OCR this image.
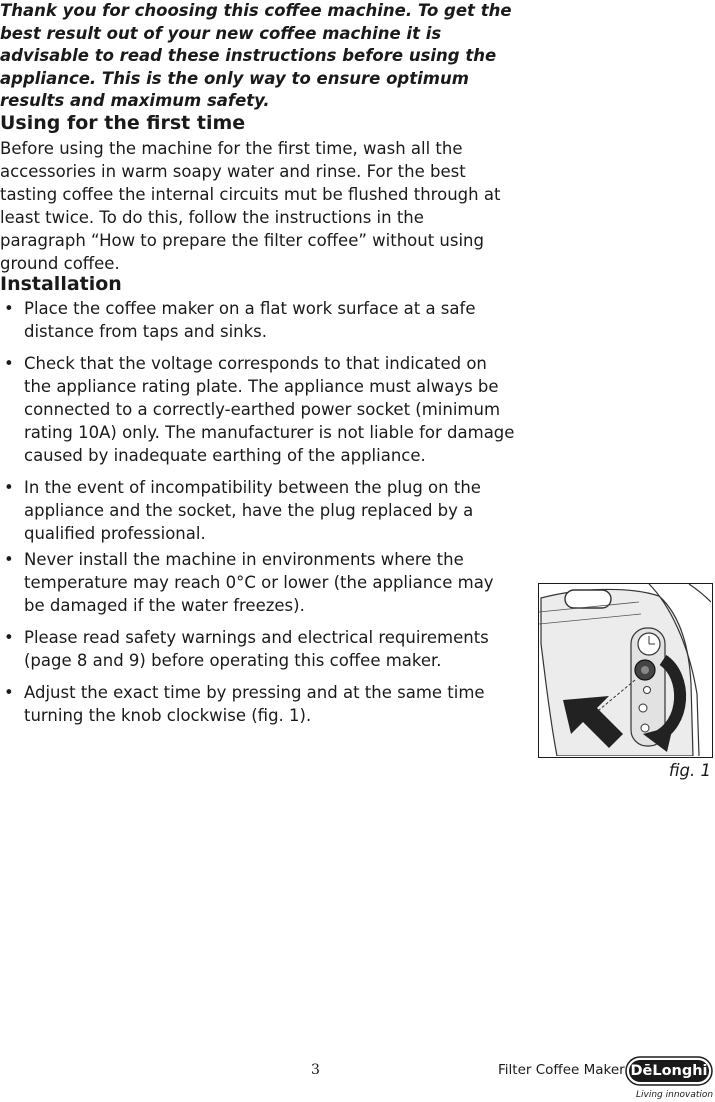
Thank you for choosing this coffee machine. To get the best result out of your new coffee machine it is advisable to read these instructions before using the appliance. This is the only way to ensure optimum results and maximum safety.

Using for the first time

Before using the machine for the first time, wash all the accessories in warm soapy water and rinse. For the best tasting coffee the internal circuits mut be flushed through at least twice. To do this, follow the instructions in the paragraph “How to prepare the filter coffee” without using ground coffee.

Installation
• Place the coffee maker on a flat work surface at a safe distance from taps and sinks.
• Check that the voltage corresponds to that indicated on the appliance rating plate. The appliance must always be connected to a correctly-earthed power socket (minimum rating 10A) only. The manufacturer is not liable for damage caused by inadequate earthing of the appliance.
• In the event of incompatibility between the plug on the appliance and the socket, have the plug replaced by a qualified professional.
• Never install the machine in environments where the temperature may reach 0°C or lower (the appliance may be damaged if the water freezes).
• Please read safety warnings and electrical requirements (page 8 and 9) before operating this coffee maker.
• Adjust the exact time by pressing and at the same time turning the knob clockwise (fig. 1).
fig. 1
3	Filter Coffee Maker DēLonghi
Living innovation
